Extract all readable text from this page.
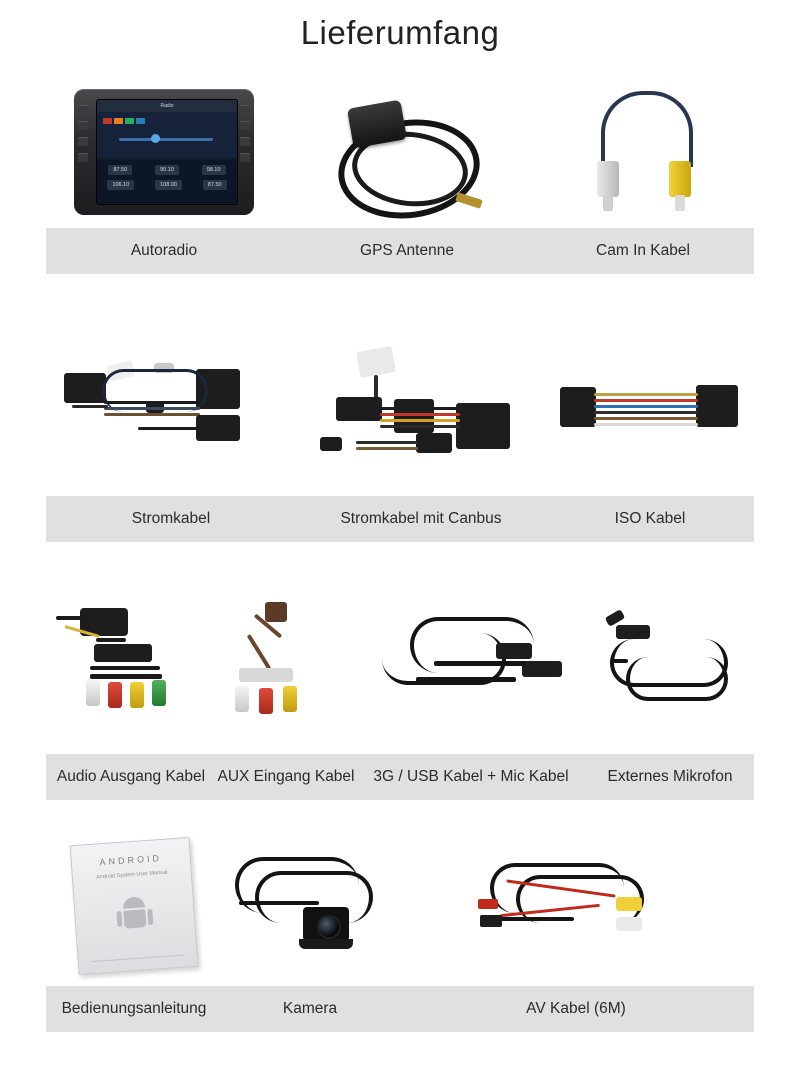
Lieferumfang
Radio
87.50	90.10	98.10
106.10	108.00	87.50
Autoradio	GPS Antenne	Cam In Kabel
Stromkabel	Stromkabel mit Canbus	ISO Kabel
Audio Ausgang Kabel AUX Eingang Kabel	3G / USB Kabel + Mic Kabel	Externes Mikrofon
ANDROID
Android System User Manual
Bedienungsanleitung	Kamera	AV Kabel (6M)
